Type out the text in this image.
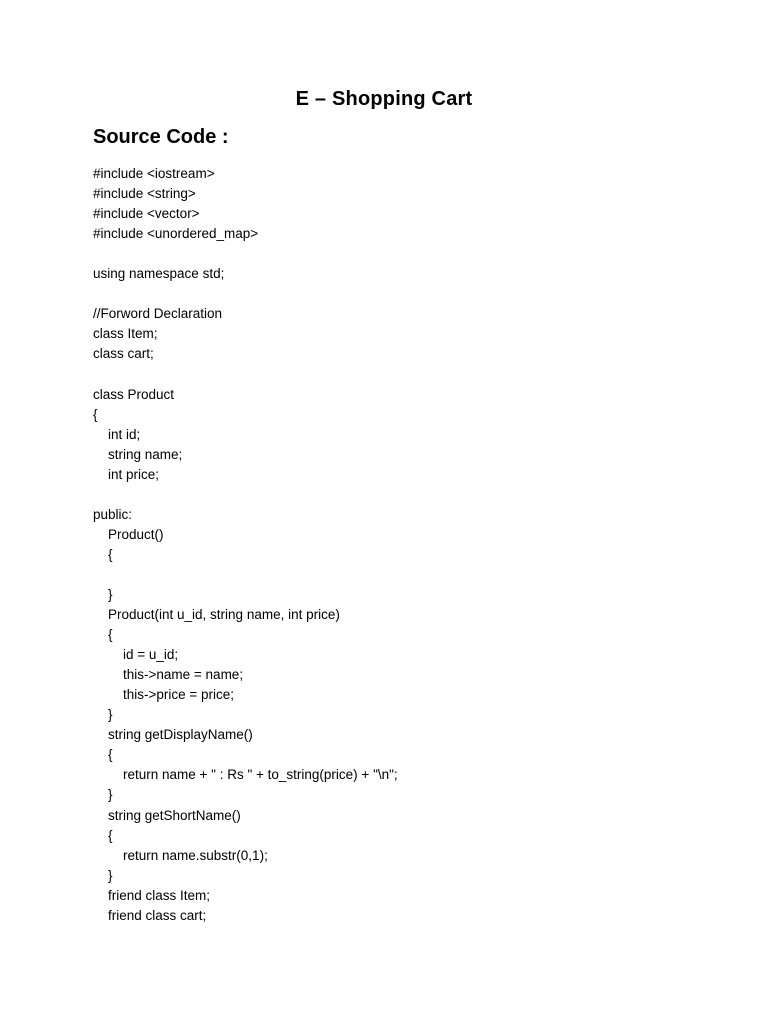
E – Shopping Cart
Source Code :
#include <iostream>
#include <string>
#include <vector>
#include <unordered_map>
using namespace std;
//Forword Declaration
class Item;
class cart;
class Product
{
int id;
string name;
int price;
public:
Product()
{
}
Product(int u_id, string name, int price)
{
id = u_id;
this->name = name;
this->price = price;
}
string getDisplayName()
{
return name + " : Rs " + to_string(price) + "\n";
}
string getShortName()
{
return name.substr(0,1);
}
friend class Item;
friend class cart;
